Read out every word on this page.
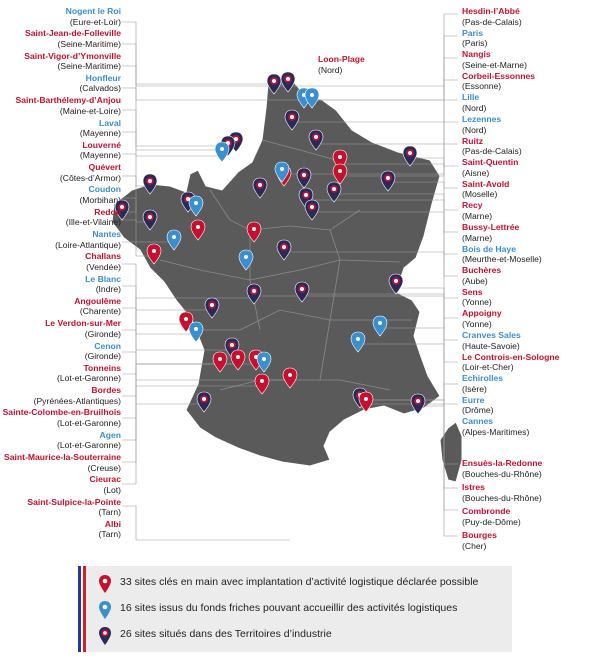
Nogent le Roi
(Eure-et-Loir)
Saint-Jean-de-Folleville
(Seine-Maritime)
Saint-Vigor-d’Ymonville
(Seine-Maritime)
Honfleur
(Calvados)
Saint-Barthélemy-d’Anjou
(Maine-et-Loire)
Laval
(Mayenne)
Louverné
(Mayenne)
Quévert
(Côtes-d’Armor)
Coudon
(Morbihan)
Redon
(Ille-et-Vilaine)
Nantes
(Loire-Atlantique)
Challans
(Vendée)
Le Blanc
(Indre)
Angoulême
(Charente)
Le Verdon-sur-Mer
(Gironde)
Cenon
(Gironde)
Tonneins
(Lot-et-Garonne)
Bordes
(Pyrénées-Atlantiques)
Sainte-Colombe-en-Bruilhois
(Lot-et-Garonne)
Agen
(Lot-et-Garonne)
Saint-Maurice-la-Souterraine
(Creuse)
Cieurac
(Lot)
Saint-Sulpice-la-Pointe
(Tarn)
Albi
(Tarn)
Loon-Plage
(Nord)
Hesdin-l’Abbé
(Pas-de-Calais)
Paris
(Paris)
Nangis
(Seine-et-Marne)
Corbeil-Essonnes
(Essonne)
Lille
(Nord)
Lezennes
(Nord)
Ruitz
(Pas-de-Calais)
Saint-Quentin
(Aisne)
Saint-Avold
(Moselle)
Recy
(Marne)
Bussy-Lettrée
(Marne)
Bois de Haye
(Meurthe-et-Moselle)
Buchères
(Aube)
Sens
(Yonne)
Appoigny
(Yonne)
Cranves Sales
(Haute-Savoie)
Le Controis-en-Sologne
(Loir-et-Cher)
Echirolles
(Isère)
Eurre
(Drôme)
Cannes
(Alpes-Maritimes)
Ensuès-la-Redonne
(Bouches-du-Rhône)
Istres
(Bouches-du-Rhône)
Combronde
(Puy-de-Dôme)
Bourges
(Cher)
33 sites clés en main avec implantation d’activité logistique déclarée possible
16 sites issus du fonds friches pouvant accueillir des activités logistiques
26 sites situés dans des Territoires d’industrie
